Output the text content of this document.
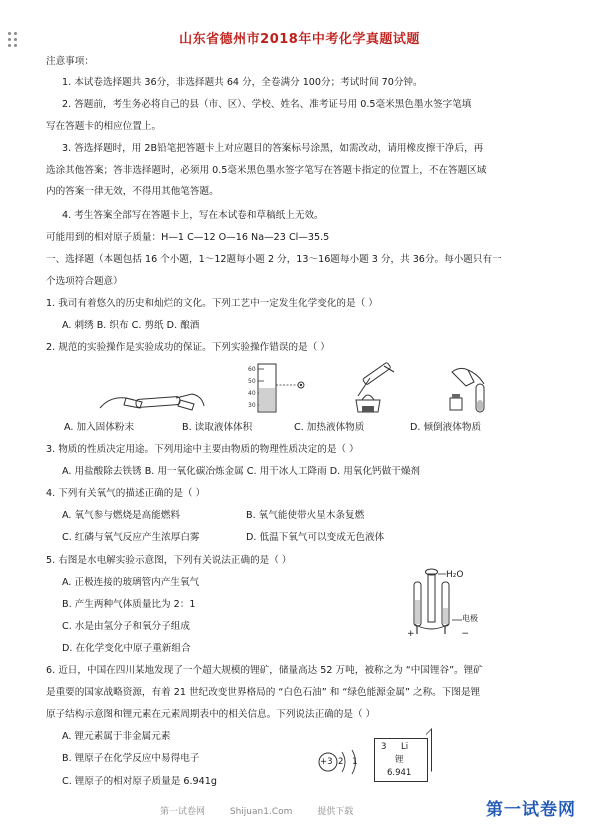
山东省德州市2018年中考化学真题试题
注意事项：
1. 本试卷选择题共 36分，非选择题共 64 分，全卷满分 100分；考试时间 70分钟。
2. 答题前，考生务必将自己的县（市、区）、学校、姓名、准考证号用 0.5毫米黑色墨水签字笔填
写在答题卡的相应位置上。
3. 答选择题时，用 2B铅笔把答题卡上对应题目的答案标号涂黑，如需改动，请用橡皮擦干净后，再
选涂其他答案；答非选择题时，必须用 0.5毫米黑色墨水签字笔写在答题卡指定的位置上，不在答题区域
内的答案一律无效，不得用其他笔答题。
4. 考生答案全部写在答题卡上，写在本试卷和草稿纸上无效。
可能用到的相对原子质量：H—1 C—12 O—16 Na—23 Cl—35.5
一、选择题（本题包括 16 个小题，1～12题每小题 2 分，13～16题每小题 3 分，共 36分。每小题只有一
个选项符合题意）
1. 我司有着悠久的历史和灿烂的文化。下列工艺中一定发生化学变化的是（ ）
A. 刺绣 B. 织布 C. 剪纸 D. 酿酒
2. 规范的实验操作是实验成功的保证。下列实验操作错误的是（ ）
60
50
40
30
A. 加入固体粉末	B. 读取液体体积	C. 加热液体物质	D. 倾倒液体物质
3. 物质的性质决定用途。下列用途中主要由物质的物理性质决定的是（ ）
A. 用盐酸除去铁锈 B. 用一氧化碳冶炼金属 C. 用干冰人工降雨 D. 用氧化钙做干燥剂
4. 下列有关氧气的描述正确的是（ ）
A. 氧气参与燃烧是高能燃料	B. 氧气能使带火星木条复燃
C. 红磷与氧气反应产生浓厚白雾	D. 低温下氧气可以变成无色液体
5. 右图是水电解实验示意图，下列有关说法正确的是（ ）
A. 正极连接的玻璃管内产生氧气
B. 产生两种气体质量比为 2：1
C. 水是由氢分子和氧分子组成
D. 在化学变化中原子重新组合
H₂O
电极
+ −
6. 近日，中国在四川某地发现了一个超大规模的锂矿，储量高达 52 万吨，被称之为 “中国锂谷”。锂矿
是重要的国家战略资源，有着 21 世纪改变世界格局的 “白色石油” 和 “绿色能源金属” 之称。下图是锂
原子结构示意图和锂元素在元素周期表中的相关信息。下列说法正确的是（ ）
A. 锂元素属于非金属元素
B. 锂原子在化学反应中易得电子
C. 锂原子的相对原子质量是 6.941g
+3 2 1
3 Li
锂
6.941
第一试卷网	Shijuan1.Com	提供下载	第一试卷网
